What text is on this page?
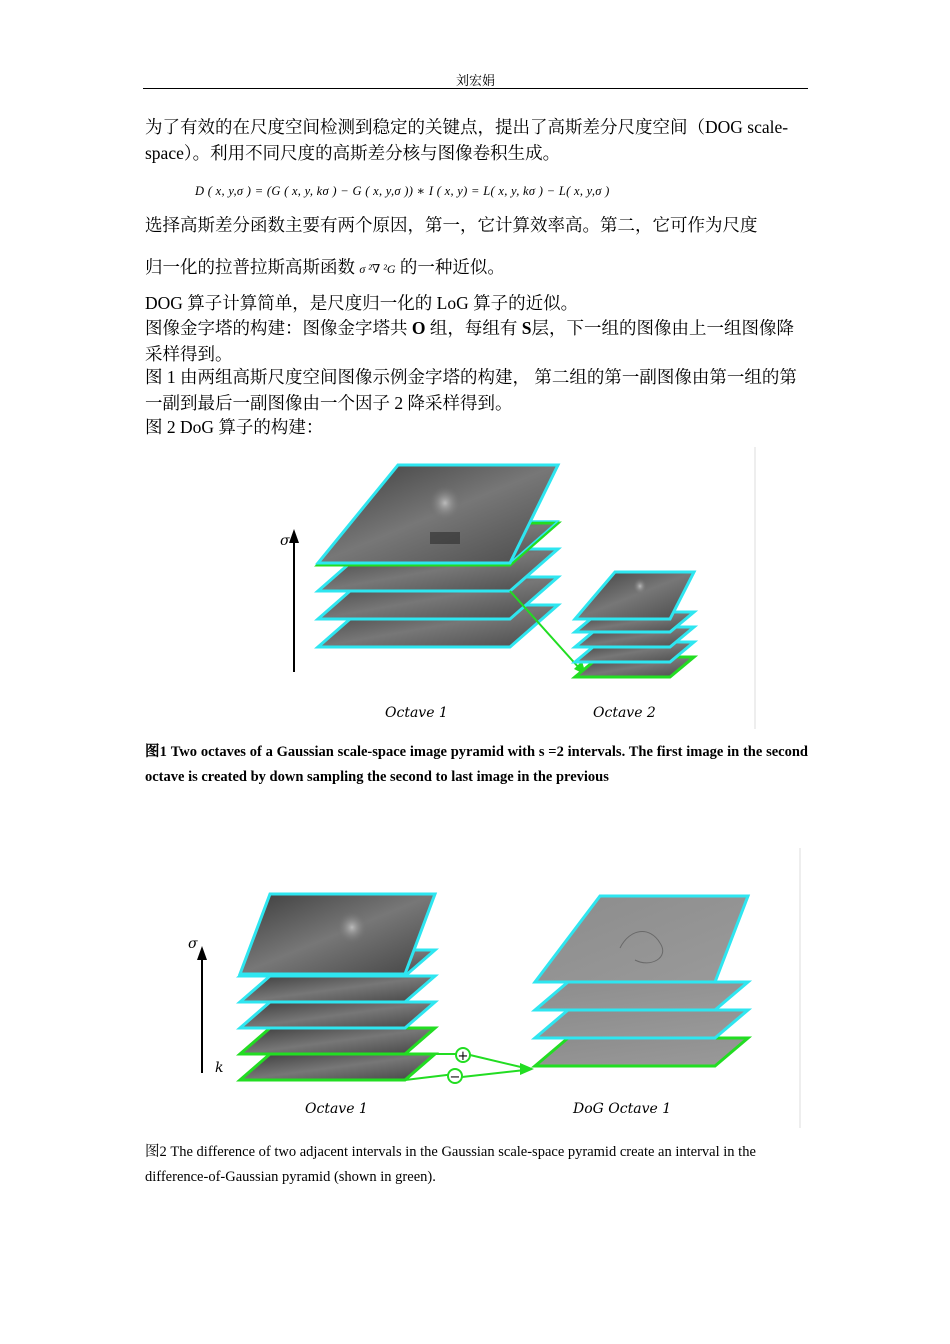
刘宏娟
为了有效的在尺度空间检测到稳定的关键点，提出了高斯差分尺度空间（DOG scale-space）。利用不同尺度的高斯差分核与图像卷积生成。
D ( x, y,σ ) = (G ( x, y, kσ ) − G ( x, y,σ )) ∗ I ( x, y) = L( x, y, kσ ) − L( x, y,σ )
选择高斯差分函数主要有两个原因，第一，它计算效率高。第二，它可作为尺度
归一化的拉普拉斯高斯函数 σ ²∇ ²G 的一种近似。
DOG 算子计算简单，是尺度归一化的 LoG 算子的近似。
图像金字塔的构建：图像金字塔共 O 组，每组有 S层，下一组的图像由上一组图像降采样得到。
图 1 由两组高斯尺度空间图像示例金字塔的构建， 第二组的第一副图像由第一组的第一副到最后一副图像由一个因子 2 降采样得到。
图 2 DoG 算子的构建：
σ
Octave 1	Octave 2
图1 Two octaves of a Gaussian scale-space image pyramid with s =2 intervals. The first image in the second octave is created by down sampling the second to last image in the previous
σ
k
+
−
Octave 1	DoG Octave 1
图2 The difference of two adjacent intervals in the Gaussian scale-space pyramid create an interval in the difference-of-Gaussian pyramid (shown in green).
